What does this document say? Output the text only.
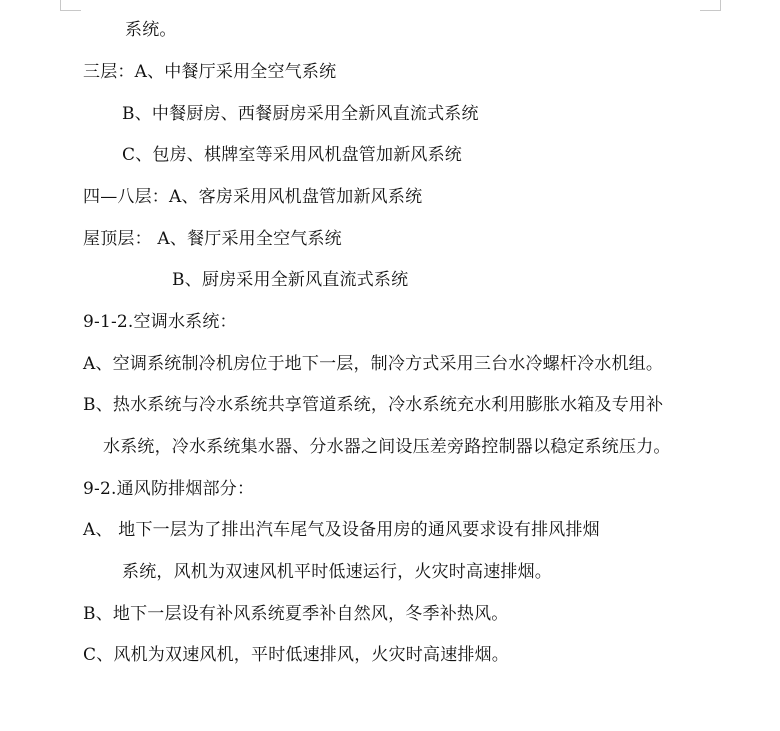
系统。
三层：A、中餐厅采用全空气系统
B、中餐厨房、西餐厨房采用全新风直流式系统
C、包房、棋牌室等采用风机盘管加新风系统
四—八层：A、客房采用风机盘管加新风系统
屋顶层： A、餐厅采用全空气系统
B、厨房采用全新风直流式系统
9-1-2.空调水系统：
A、空调系统制冷机房位于地下一层，制冷方式采用三台水冷螺杆冷水机组。
B、热水系统与冷水系统共享管道系统，冷水系统充水利用膨胀水箱及专用补
水系统，冷水系统集水器、分水器之间设压差旁路控制器以稳定系统压力。
9-2.通风防排烟部分：
A、 地下一层为了排出汽车尾气及设备用房的通风要求设有排风排烟
系统，风机为双速风机平时低速运行，火灾时高速排烟。
B、地下一层设有补风系统夏季补自然风，冬季补热风。
C、风机为双速风机，平时低速排风，火灾时高速排烟。
